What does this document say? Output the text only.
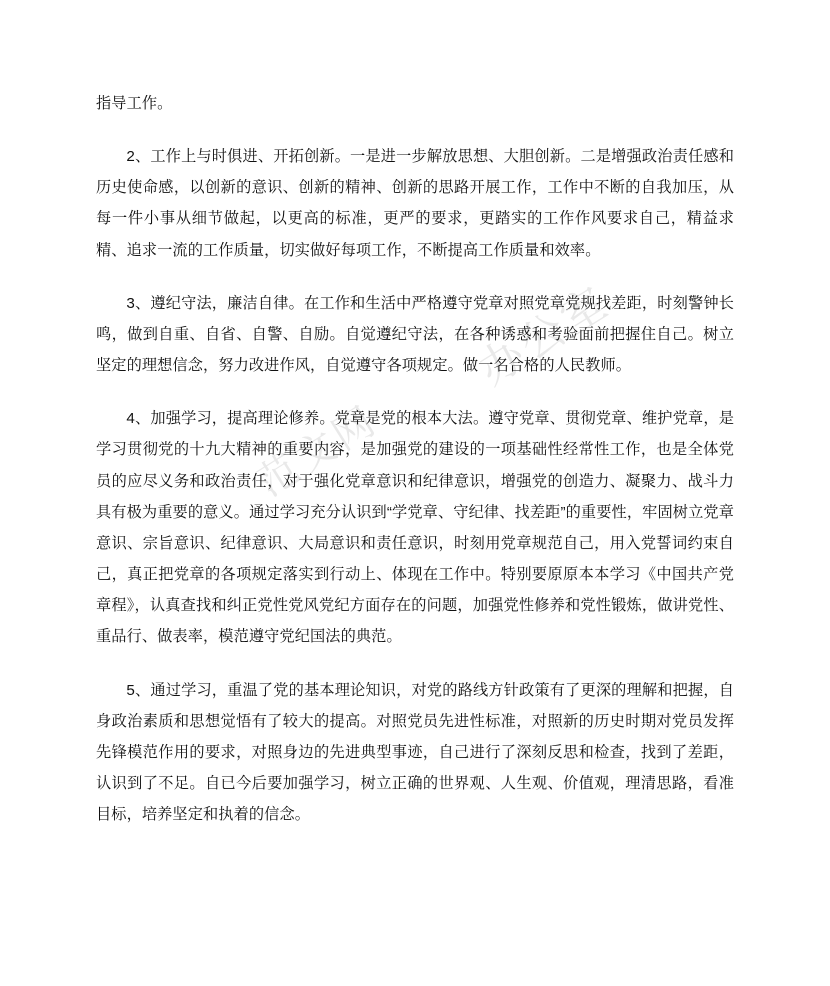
办公室
范文网

指导工作。

2、工作上与时俱进、开拓创新。一是进一步解放思想、大胆创新。二是增强政治责任感和历史使命感，以创新的意识、创新的精神、创新的思路开展工作，工作中不断的自我加压，从每一件小事从细节做起，以更高的标准，更严的要求，更踏实的工作作风要求自己，精益求精、追求一流的工作质量，切实做好每项工作，不断提高工作质量和效率。

3、遵纪守法，廉洁自律。在工作和生活中严格遵守党章对照党章党规找差距，时刻警钟长鸣，做到自重、自省、自警、自励。自觉遵纪守法，在各种诱惑和考验面前把握住自己。树立坚定的理想信念，努力改进作风，自觉遵守各项规定。做一名合格的人民教师。

4、加强学习，提高理论修养。党章是党的根本大法。遵守党章、贯彻党章、维护党章，是学习贯彻党的十九大精神的重要内容，是加强党的建设的一项基础性经常性工作，也是全体党员的应尽义务和政治责任，对于强化党章意识和纪律意识，增强党的创造力、凝聚力、战斗力具有极为重要的意义。通过学习充分认识到“学党章、守纪律、找差距”的重要性，牢固树立党章意识、宗旨意识、纪律意识、大局意识和责任意识，时刻用党章规范自己，用入党誓词约束自己，真正把党章的各项规定落实到行动上、体现在工作中。特别要原原本本学习《中国共产党章程》，认真查找和纠正党性党风党纪方面存在的问题，加强党性修养和党性锻炼，做讲党性、重品行、做表率，模范遵守党纪国法的典范。

5、通过学习，重温了党的基本理论知识，对党的路线方针政策有了更深的理解和把握，自身政治素质和思想觉悟有了较大的提高。对照党员先进性标准，对照新的历史时期对党员发挥先锋模范作用的要求，对照身边的先进典型事迹，自己进行了深刻反思和检查，找到了差距，认识到了不足。自已今后要加强学习，树立正确的世界观、人生观、价值观，理清思路，看准目标，培养坚定和执着的信念。
